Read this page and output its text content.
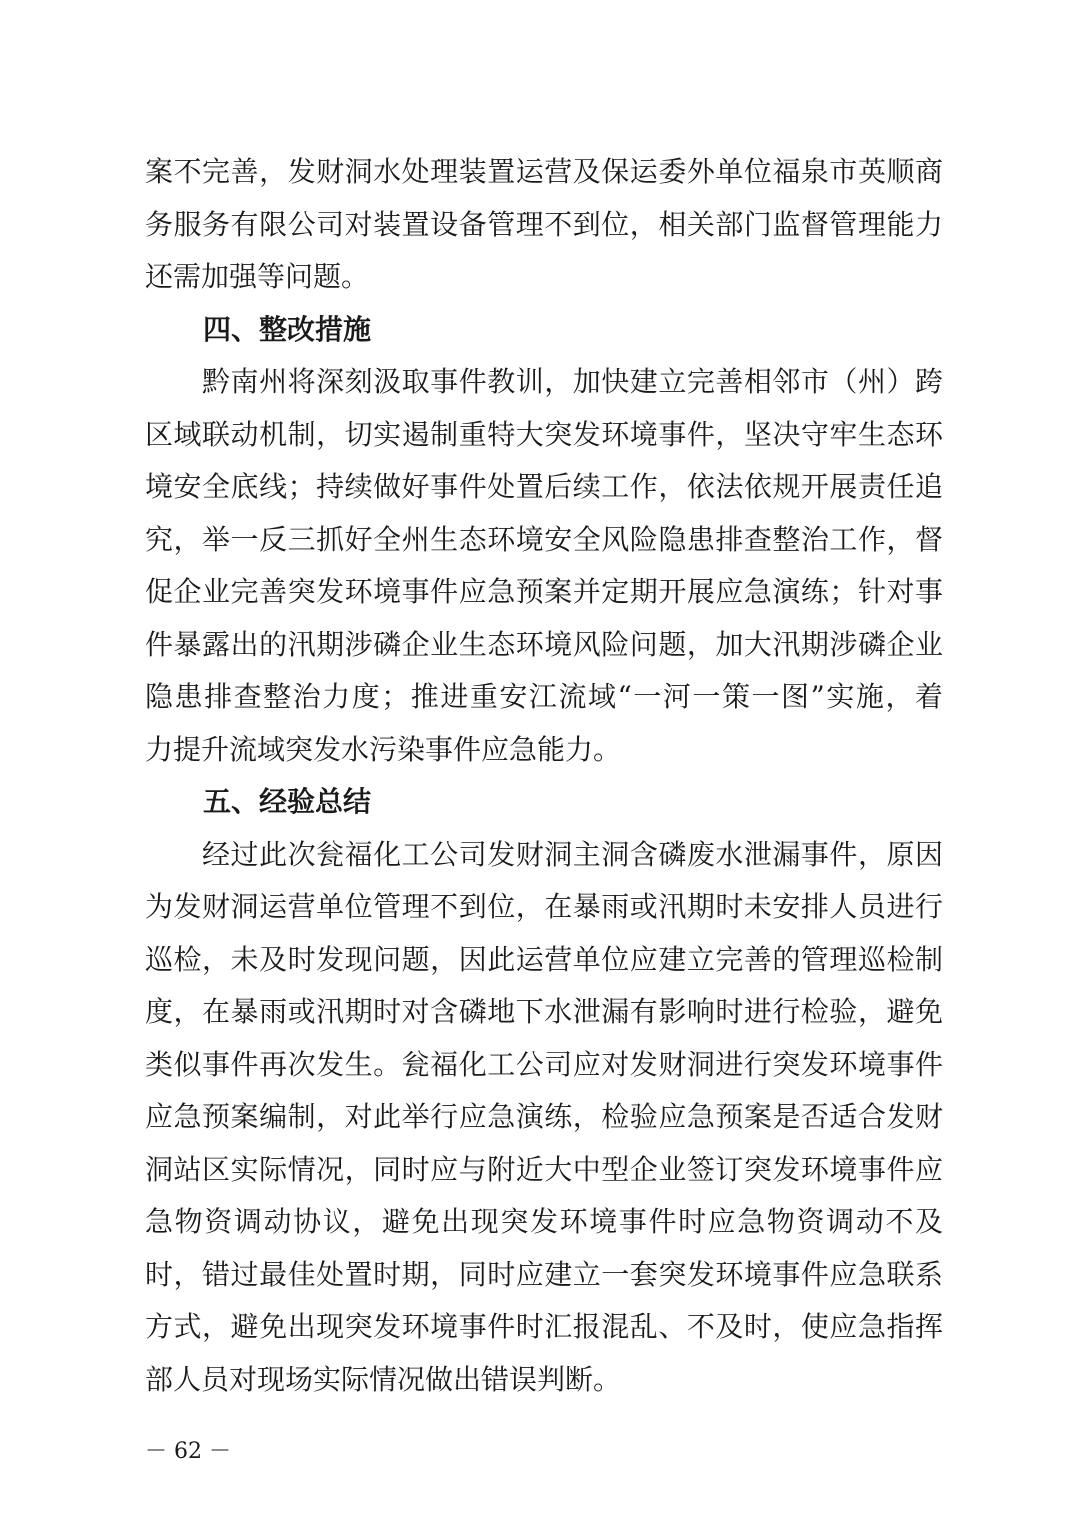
案不完善，发财洞水处理装置运营及保运委外单位福泉市英顺商
务服务有限公司对装置设备管理不到位，相关部门监督管理能力
还需加强等问题。
四、整改措施
　　黔南州将深刻汲取事件教训，加快建立完善相邻市（州）跨
区域联动机制，切实遏制重特大突发环境事件，坚决守牢生态环
境安全底线；持续做好事件处置后续工作，依法依规开展责任追
究，举一反三抓好全州生态环境安全风险隐患排查整治工作，督
促企业完善突发环境事件应急预案并定期开展应急演练；针对事
件暴露出的汛期涉磷企业生态环境风险问题，加大汛期涉磷企业
隐患排查整治力度；推进重安江流域“一河一策一图”实施，着
力提升流域突发水污染事件应急能力。
五、经验总结
　　经过此次瓮福化工公司发财洞主洞含磷废水泄漏事件，原因
为发财洞运营单位管理不到位，在暴雨或汛期时未安排人员进行
巡检，未及时发现问题，因此运营单位应建立完善的管理巡检制
度，在暴雨或汛期时对含磷地下水泄漏有影响时进行检验，避免
类似事件再次发生。瓮福化工公司应对发财洞进行突发环境事件
应急预案编制，对此举行应急演练，检验应急预案是否适合发财
洞站区实际情况，同时应与附近大中型企业签订突发环境事件应
急物资调动协议，避免出现突发环境事件时应急物资调动不及
时，错过最佳处置时期，同时应建立一套突发环境事件应急联系
方式，避免出现突发环境事件时汇报混乱、不及时，使应急指挥
部人员对现场实际情况做出错误判断。
－ 62 －
